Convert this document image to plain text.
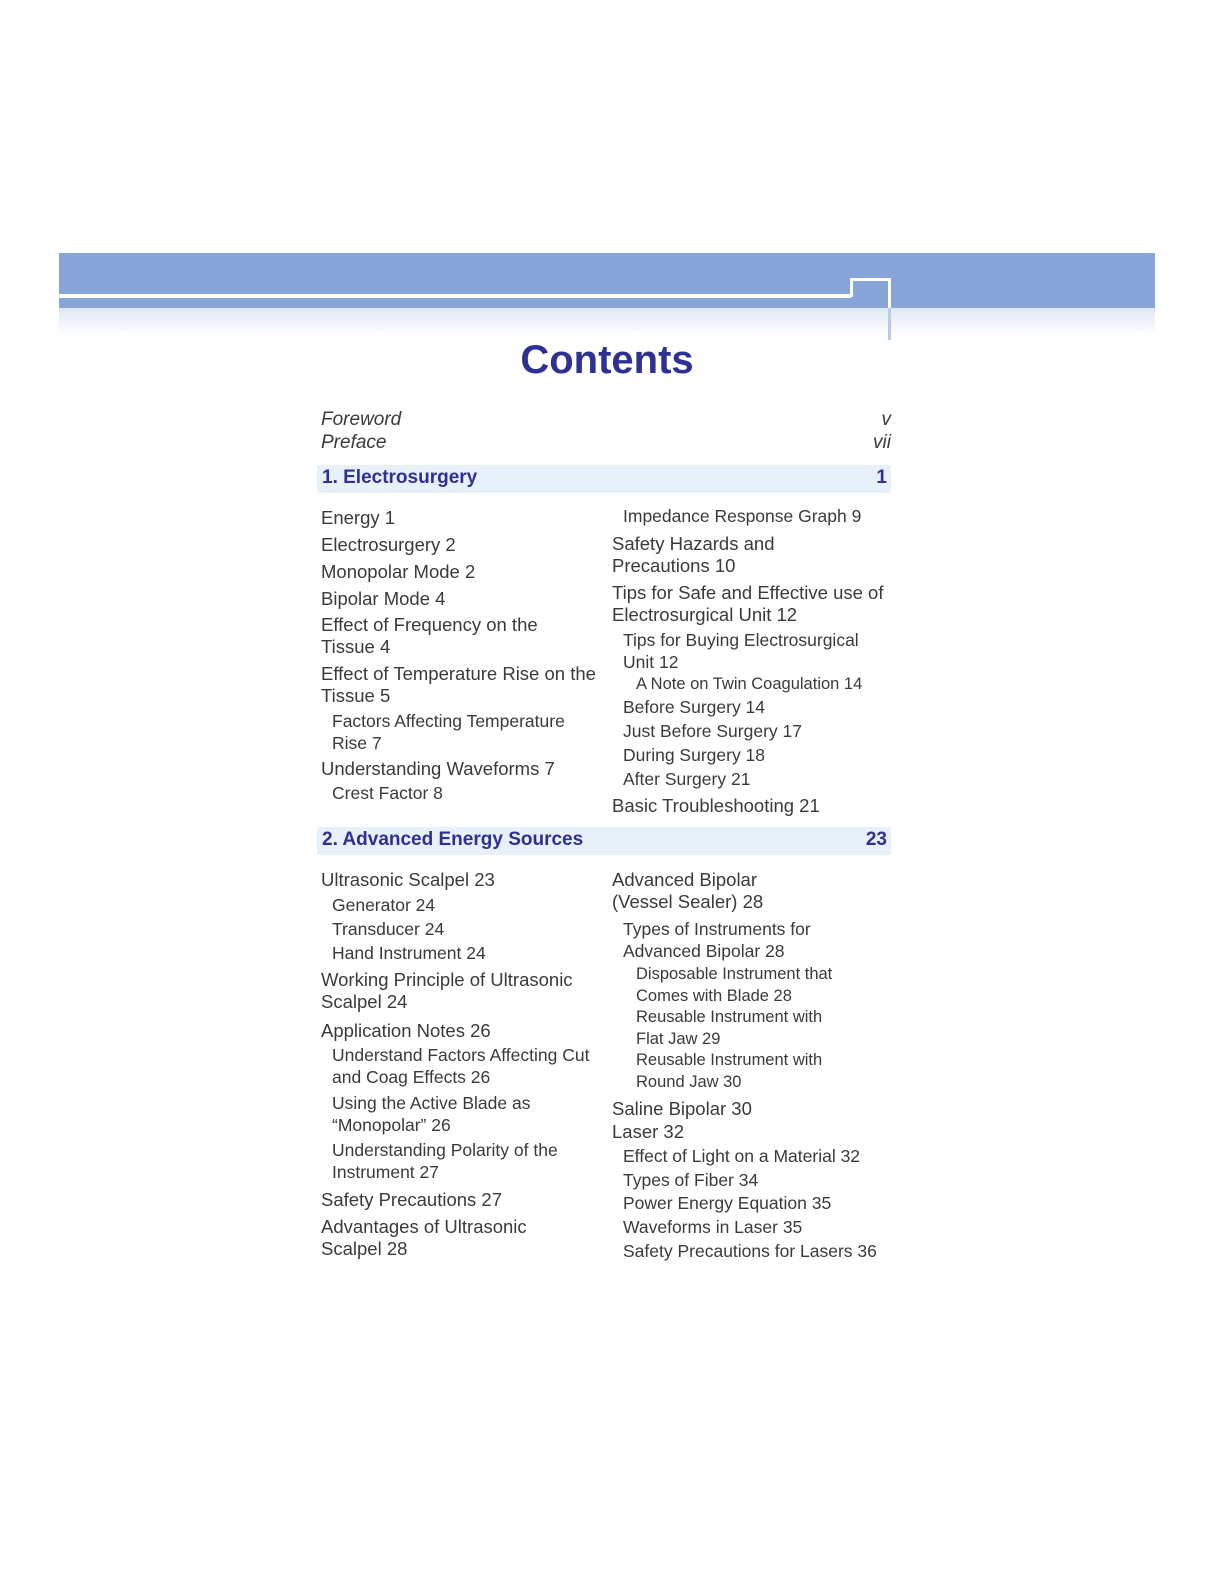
Contents
Foreword	v
Preface	vii
1. Electrosurgery	1
Energy 1
Electrosurgery 2
Monopolar Mode 2
Bipolar Mode 4
Effect of Frequency on the
Tissue 4
Effect of Temperature Rise on the
Tissue 5
Factors Affecting Temperature
Rise 7
Understanding Waveforms 7
Crest Factor 8
Impedance Response Graph 9
Safety Hazards and
Precautions 10
Tips for Safe and Effective use of
Electrosurgical Unit 12
Tips for Buying Electrosurgical
Unit 12
A Note on Twin Coagulation 14
Before Surgery 14
Just Before Surgery 17
During Surgery 18
After Surgery 21
Basic Troubleshooting 21
2. Advanced Energy Sources	23
Ultrasonic Scalpel 23
Generator 24
Transducer 24
Hand Instrument 24
Working Principle of Ultrasonic
Scalpel 24
Application Notes 26
Understand Factors Affecting Cut
and Coag Effects 26
Using the Active Blade as
“Monopolar” 26
Understanding Polarity of the
Instrument 27
Safety Precautions 27
Advantages of Ultrasonic
Scalpel 28
Advanced Bipolar
(Vessel Sealer) 28
Types of Instruments for
Advanced Bipolar 28
Disposable Instrument that
Comes with Blade 28
Reusable Instrument with
Flat Jaw 29
Reusable Instrument with
Round Jaw 30
Saline Bipolar 30
Laser 32
Effect of Light on a Material 32
Types of Fiber 34
Power Energy Equation 35
Waveforms in Laser 35
Safety Precautions for Lasers 36
